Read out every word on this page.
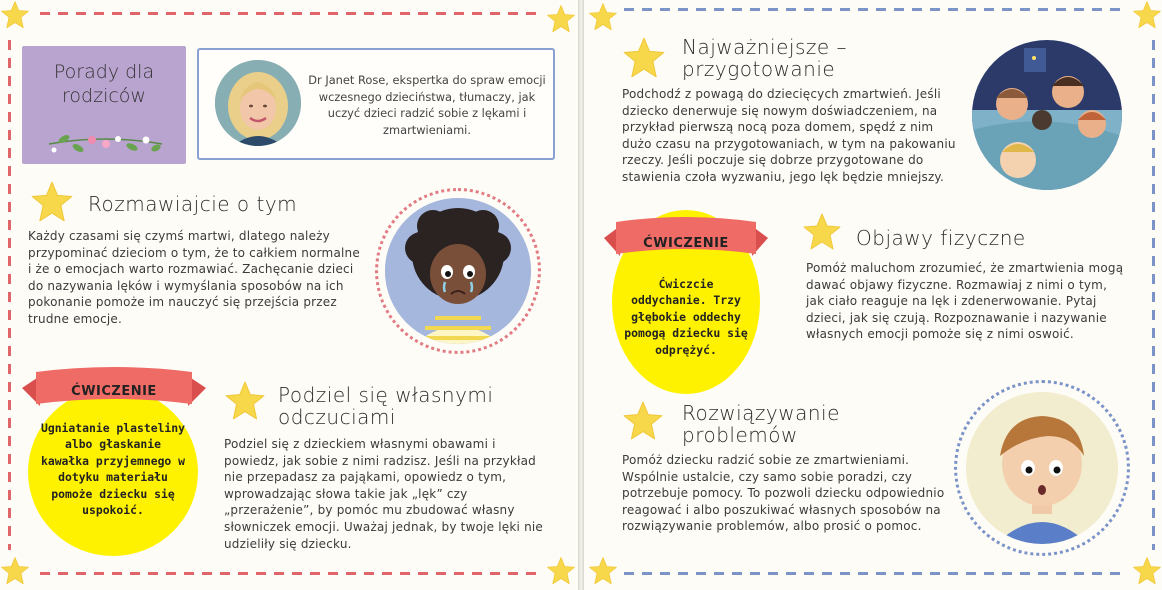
Porady dla rodziców
Dr Janet Rose, ekspertka do spraw emocji wczesnego dzieciństwa, tłumaczy, jak uczyć dzieci radzić sobie z lękami i zmartwieniami.
Rozmawiajcie o tym
Każdy czasami się czymś martwi, dlatego należy przypominać dzieciom o tym, że to całkiem normalne i że o emocjach warto rozmawiać. Zachęcanie dzieci do nazywania lęków i wymyślania sposobów na ich pokonanie pomoże im nauczyć się przejścia przez trudne emocje.
ĆWICZENIE
Ugniatanie plasteliny albo głaskanie kawałka przyjemnego w dotyku materiału pomoże dziecku się uspokoić.
Podziel się własnymi odczuciami
Podziel się z dzieckiem własnymi obawami i powiedz, jak sobie z nimi radzisz. Jeśli na przykład nie przepadasz za pająkami, opowiedz o tym, wprowadzając słowa takie jak „lęk” czy „przerażenie”, by pomóc mu zbudować własny słowniczek emocji. Uważaj jednak, by twoje lęki nie udzieliły się dziecku.
Najważniejsze – przygotowanie
Podchodź z powagą do dziecięcych zmartwień. Jeśli dziecko denerwuje się nowym doświadczeniem, na przykład pierwszą nocą poza domem, spędź z nim dużo czasu na przygotowaniach, w tym na pakowaniu rzeczy. Jeśli poczuje się dobrze przygotowane do stawienia czoła wyzwaniu, jego lęk będzie mniejszy.
ĆWICZENIE
Ćwiczcie oddychanie. Trzy głębokie oddechy pomogą dziecku się odprężyć.
Objawy fizyczne
Pomóż maluchom zrozumieć, że zmartwienia mogą dawać objawy fizyczne. Rozmawiaj z nimi o tym, jak ciało reaguje na lęk i zdenerwowanie. Pytaj dzieci, jak się czują. Rozpoznawanie i nazywanie własnych emocji pomoże się z nimi oswoić.
Rozwiązywanie problemów
Pomóż dziecku radzić sobie ze zmartwieniami. Wspólnie ustalcie, czy samo sobie poradzi, czy potrzebuje pomocy. To pozwoli dziecku odpowiednio reagować i albo poszukiwać własnych sposobów na rozwiązywanie problemów, albo prosić o pomoc.
